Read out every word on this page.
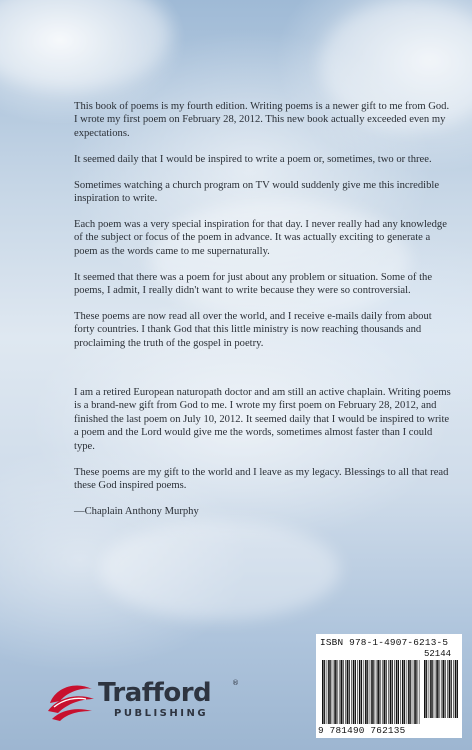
This book of poems is my fourth edition. Writing poems is a newer gift to me from God. I wrote my first poem on February 28, 2012. This new book actually exceeded even my expectations.

It seemed daily that I would be inspired to write a poem or, sometimes, two or three.

Sometimes watching a church program on TV would suddenly give me this incredible inspiration to write.

Each poem was a very special inspiration for that day. I never really had any knowledge of the subject or focus of the poem in advance. It was actually exciting to generate a poem as the words came to me supernaturally.

It seemed that there was a poem for just about any problem or situation. Some of the poems, I admit, I really didn't want to write because they were so controversial.

These poems are now read all over the world, and I receive e-mails daily from about forty countries. I thank God that this little ministry is now reaching thousands and proclaiming the truth of the gospel in poetry.

I am a retired European naturopath doctor and am still an active chaplain. Writing poems is a brand-new gift from God to me. I wrote my first poem on February 28, 2012, and finished the last poem on July 10, 2012. It seemed daily that I would be inspired to write a poem and the Lord would give me the words, sometimes almost faster than I could type.

These poems are my gift to the world and I leave as my legacy. Blessings to all that read these God inspired poems.

—Chaplain Anthony Murphy

ISBN 978-1-4907-6213-5
52144
9 781490 762135
Trafford	®
PUBLISHING
